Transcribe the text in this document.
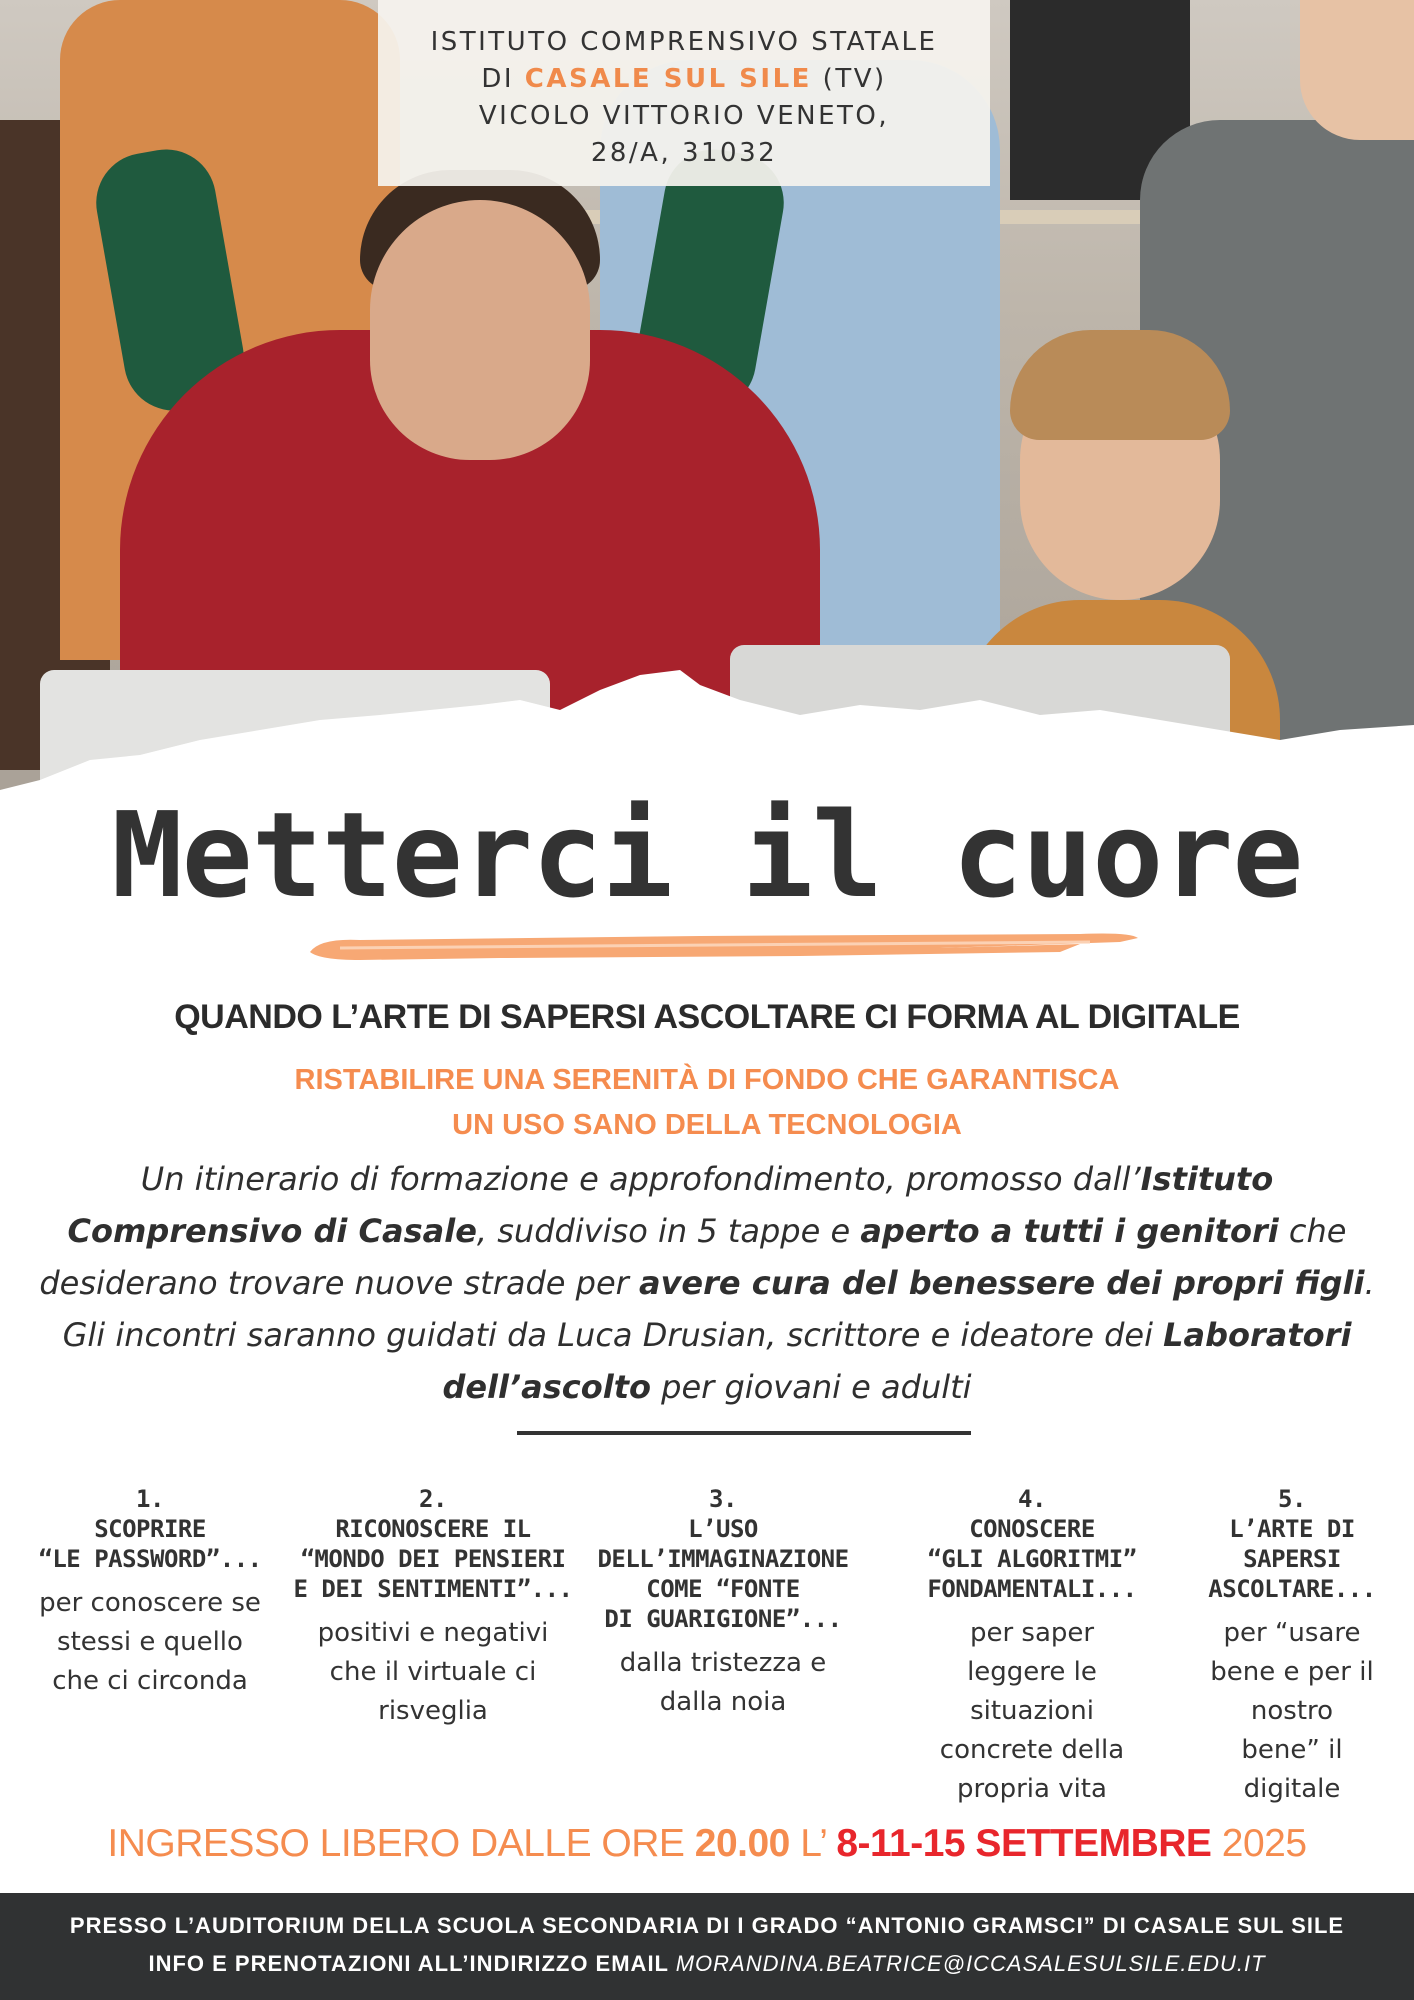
ISTITUTO COMPRENSIVO STATALE
DI CASALE SUL SILE (TV)
VICOLO VITTORIO VENETO,
28/A, 31032
Metterci il cuore
QUANDO L’ARTE DI SAPERSI ASCOLTARE CI FORMA AL DIGITALE
RISTABILIRE UNA SERENITÀ DI FONDO CHE GARANTISCA
UN USO SANO DELLA TECNOLOGIA
Un itinerario di formazione e approfondimento, promosso dall’Istituto Comprensivo di Casale, suddiviso in 5 tappe e aperto a tutti i genitori che desiderano trovare nuove strade per avere cura del benessere dei propri figli. Gli incontri saranno guidati da Luca Drusian, scrittore e ideatore dei Laboratori dell’ascolto per giovani e adulti
1.
SCOPRIRE
“LE PASSWORD”...
per conoscere se
stessi e quello
che ci circonda
2.
RICONOSCERE IL
“MONDO DEI PENSIERI
E DEI SENTIMENTI”...
positivi e negativi
che il virtuale ci
risveglia
3.
L’USO
DELL’IMMAGINAZIONE
COME “FONTE
DI GUARIGIONE”...
dalla tristezza e
dalla noia
4.
CONOSCERE
“GLI ALGORITMI”
FONDAMENTALI...
per saper
leggere le
situazioni
concrete della
propria vita
5.
L’ARTE DI
SAPERSI
ASCOLTARE...
per “usare
bene e per il
nostro
bene” il
digitale
INGRESSO LIBERO DALLE ORE 20.00 L’ 8-11-15 SETTEMBRE 2025
PRESSO L’AUDITORIUM DELLA SCUOLA SECONDARIA DI I GRADO “ANTONIO GRAMSCI” DI CASALE SUL SILE
INFO E PRENOTAZIONI ALL’INDIRIZZO EMAIL MORANDINA.BEATRICE@ICCASALESULSILE.EDU.IT
